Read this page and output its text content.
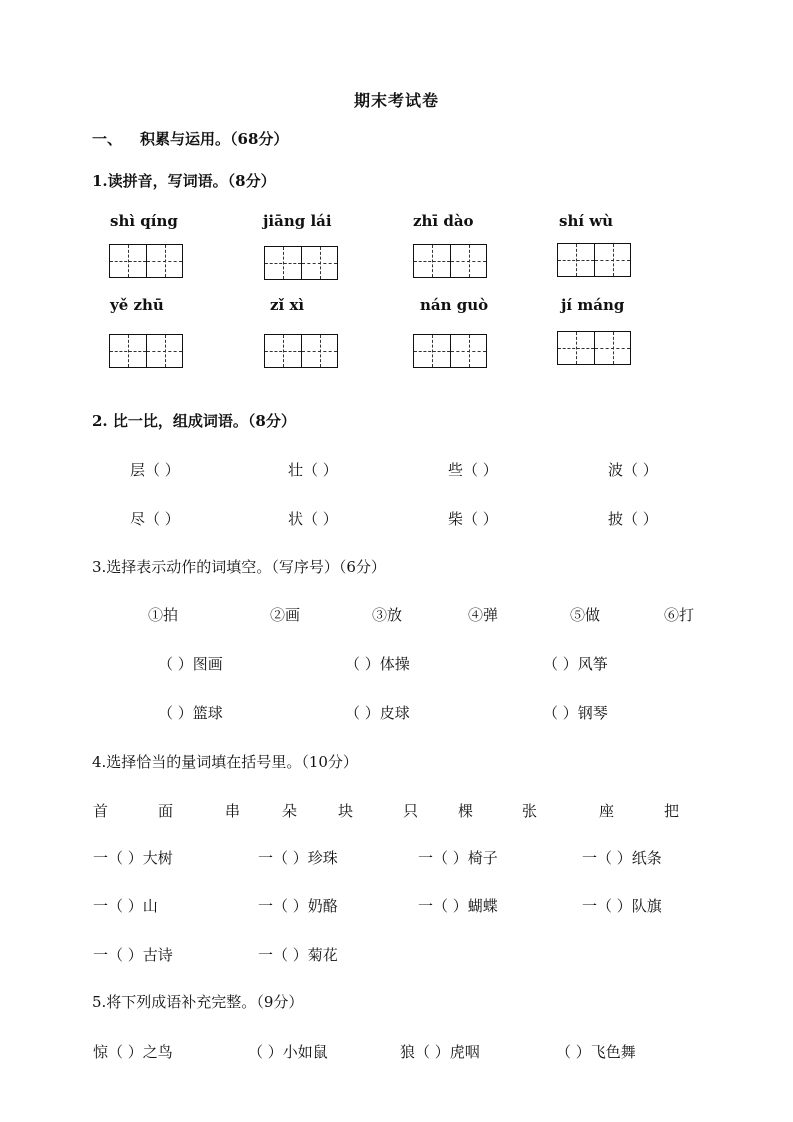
期末考试卷
一、 积累与运用。（68分）
1.读拼音，写词语。（8分）
shì qíng	jiāng lái	zhī dào	shí wù
yě zhū	zǐ xì	nán guò	jí máng
2. 比一比，组成词语。（8分）
层（ ）	壮（ ）	些（ ）	波（ ）
尽（ ）	状（ ）	柴（ ）	披（ ）
3.选择表示动作的词填空。（写序号）（6分）
①拍	②画	③放	④弹	⑤做	⑥打
（ ）图画	（ ）体操	（ ）风筝
（ ）篮球	（ ）皮球	（ ）钢琴
4.选择恰当的量词填在括号里。（10分）
首	面	串	朵	块	只	棵	张	座	把
一（ ）大树	一（ ）珍珠	一（ ）椅子	一（ ）纸条
一（ ）山	一（ ）奶酪	一（ ）蝴蝶	一（ ）队旗
一（ ）古诗	一（ ）菊花
5.将下列成语补充完整。（9分）
惊（ ）之鸟	（ ）小如鼠	狼（ ）虎咽	（ ）飞色舞
